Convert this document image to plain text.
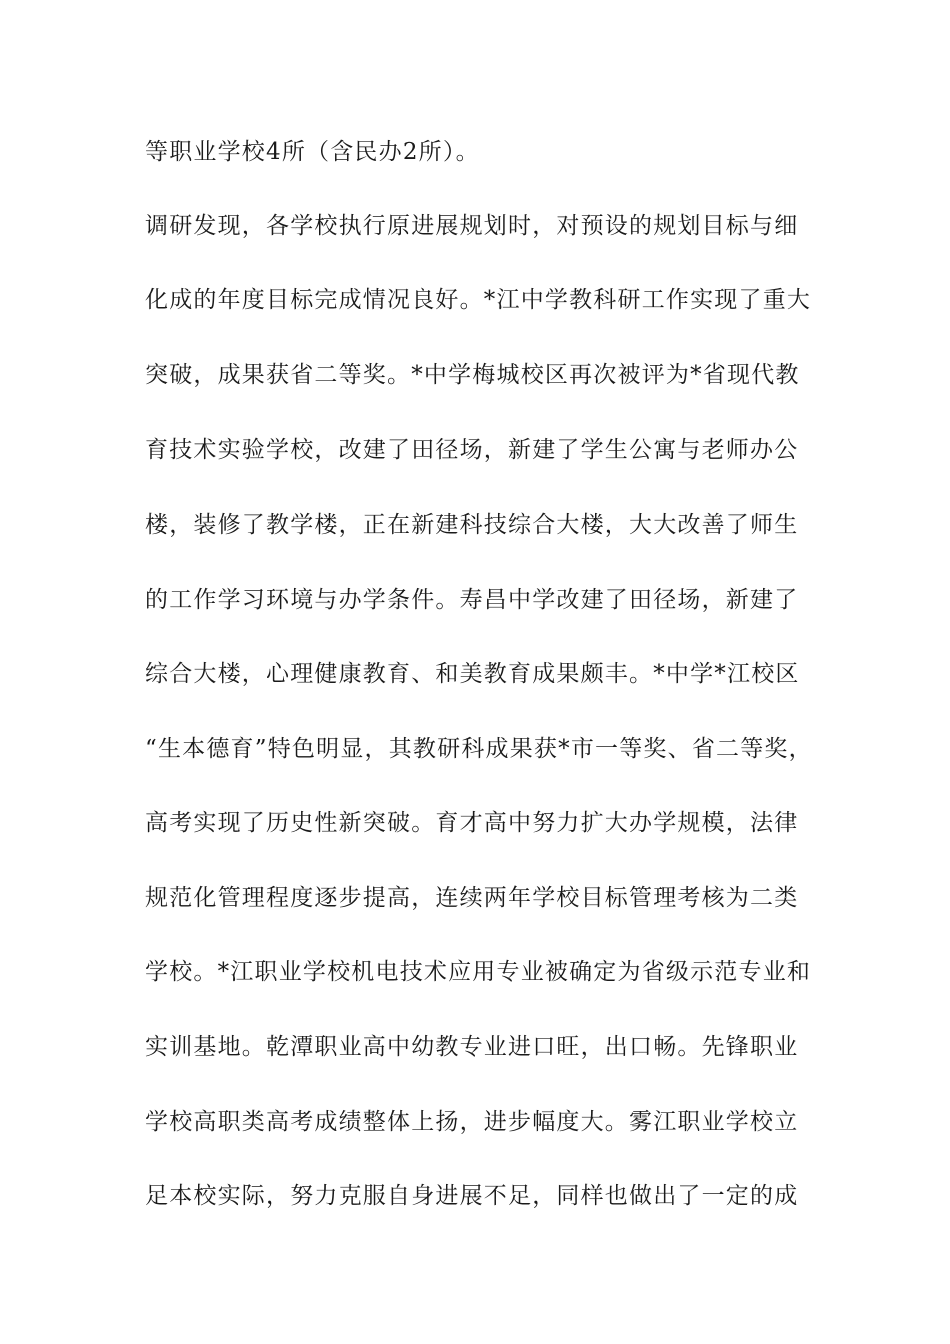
等职业学校4所（含民办2所）。
调研发现，各学校执行原进展规划时，对预设的规划目标与细
化成的年度目标完成情况良好。*江中学教科研工作实现了重大
突破，成果获省二等奖。*中学梅城校区再次被评为*省现代教
育技术实验学校，改建了田径场，新建了学生公寓与老师办公
楼，装修了教学楼，正在新建科技综合大楼，大大改善了师生
的工作学习环境与办学条件。寿昌中学改建了田径场，新建了
综合大楼，心理健康教育、和美教育成果颇丰。*中学*江校区
“生本德育”特色明显，其教研科成果获*市一等奖、省二等奖，
高考实现了历史性新突破。育才高中努力扩大办学规模，法律
规范化管理程度逐步提高，连续两年学校目标管理考核为二类
学校。*江职业学校机电技术应用专业被确定为省级示范专业和
实训基地。乾潭职业高中幼教专业进口旺，出口畅。先锋职业
学校高职类高考成绩整体上扬，进步幅度大。雾江职业学校立
足本校实际，努力克服自身进展不足，同样也做出了一定的成
